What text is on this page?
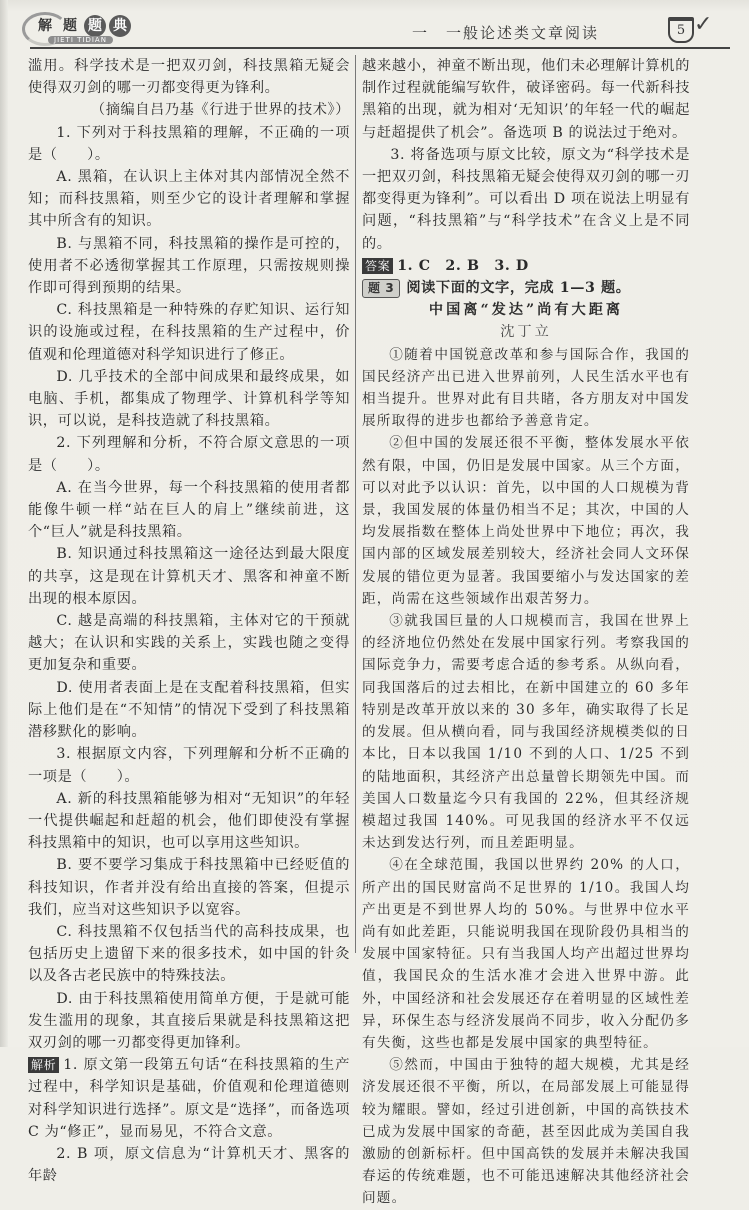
解 题 题 典
JIETI TIDIAN	一　一般论述类文章阅读	5 ✓

滥用。科学技术是一把双刃剑，科技黑箱无疑会使得双刃剑的哪一刃都变得更为锋利。

（摘编自吕乃基《行进于世界的技术》）

1. 下列对于科技黑箱的理解，不正确的一项是（　　）。

A. 黑箱，在认识上主体对其内部情况全然不知；而科技黑箱，则至少它的设计者理解和掌握其中所含有的知识。

B. 与黑箱不同，科技黑箱的操作是可控的，使用者不必透彻掌握其工作原理，只需按规则操作即可得到预期的结果。

C. 科技黑箱是一种特殊的存贮知识、运行知识的设施或过程，在科技黑箱的生产过程中，价值观和伦理道德对科学知识进行了修正。

D. 几乎技术的全部中间成果和最终成果，如电脑、手机，都集成了物理学、计算机科学等知识，可以说，是科技造就了科技黑箱。

2. 下列理解和分析，不符合原文意思的一项是（　　）。

A. 在当今世界，每一个科技黑箱的使用者都能像牛顿一样“站在巨人的肩上”继续前进，这个“巨人”就是科技黑箱。

B. 知识通过科技黑箱这一途径达到最大限度的共享，这是现在计算机天才、黑客和神童不断出现的根本原因。

C. 越是高端的科技黑箱，主体对它的干预就越大；在认识和实践的关系上，实践也随之变得更加复杂和重要。

D. 使用者表面上是在支配着科技黑箱，但实际上他们是在“不知情”的情况下受到了科技黑箱潜移默化的影响。

3. 根据原文内容，下列理解和分析不正确的一项是（　　）。

A. 新的科技黑箱能够为相对“无知识”的年轻一代提供崛起和赶超的机会，他们即使没有掌握科技黑箱中的知识，也可以享用这些知识。

B. 要不要学习集成于科技黑箱中已经贬值的科技知识，作者并没有给出直接的答案，但提示我们，应当对这些知识予以宽容。

C. 科技黑箱不仅包括当代的高科技成果，也包括历史上遗留下来的很多技术，如中国的针灸以及各古老民族中的特殊技法。

D. 由于科技黑箱使用简单方便，于是就可能发生滥用的现象，其直接后果就是科技黑箱这把双刃剑的哪一刃都变得更加锋利。

解析 1. 原文第一段第五句话“在科技黑箱的生产过程中，科学知识是基础，价值观和伦理道德则对科学知识进行选择”。原文是“选择”，而备选项 C 为“修正”，显而易见，不符合文意。

2. B 项，原文信息为“计算机天才、黑客的年龄

越来越小，神童不断出现，他们未必理解计算机的制作过程就能编写软件，破译密码。每一代新科技黑箱的出现，就为相对‘无知识’的年轻一代的崛起与赶超提供了机会”。备选项 B 的说法过于绝对。

3. 将备选项与原文比较，原文为“科学技术是一把双刃剑，科技黑箱无疑会使得双刃剑的哪一刃都变得更为锋利”。可以看出 D 项在说法上明显有问题，“科技黑箱”与“科学技术”在含义上是不同的。

答案 1. C　2. B　3. D

题 3 阅读下面的文字，完成 1—3 题。

中国离“发达”尚有大距离

沈丁立

①随着中国锐意改革和参与国际合作，我国的国民经济产出已进入世界前列，人民生活水平也有相当提升。世界对此有目共睹，各方朋友对中国发展所取得的进步也都给予善意肯定。

②但中国的发展还很不平衡，整体发展水平依然有限，中国，仍旧是发展中国家。从三个方面，可以对此予以认识：首先，以中国的人口规模为背景，我国发展的体量仍相当不足；其次，中国的人均发展指数在整体上尚处世界中下地位；再次，我国内部的区域发展差别较大，经济社会同人文环保发展的错位更为显著。我国要缩小与发达国家的差距，尚需在这些领域作出艰苦努力。

③就我国巨量的人口规模而言，我国在世界上的经济地位仍然处在发展中国家行列。考察我国的国际竞争力，需要考虑合适的参考系。从纵向看，同我国落后的过去相比，在新中国建立的 60 多年特别是改革开放以来的 30 多年，确实取得了长足的发展。但从横向看，同与我国经济规模类似的日本比，日本以我国 1/10 不到的人口、1/25 不到的陆地面积，其经济产出总量曾长期领先中国。而美国人口数量迄今只有我国的 22%，但其经济规模超过我国 140%。可见我国的经济水平不仅远未达到发达行列，而且差距明显。

④在全球范围，我国以世界约 20% 的人口，所产出的国民财富尚不足世界的 1/10。我国人均产出更是不到世界人均的 50%。与世界中位水平尚有如此差距，只能说明我国在现阶段仍具相当的发展中国家特征。只有当我国人均产出超过世界均值，我国民众的生活水准才会进入世界中游。此外，中国经济和社会发展还存在着明显的区域性差异，环保生态与经济发展尚不同步，收入分配仍多有失衡，这些也都是发展中国家的典型特征。

⑤然而，中国由于独特的超大规模，尤其是经济发展还很不平衡，所以，在局部发展上可能显得较为耀眼。譬如，经过引进创新，中国的高铁技术已成为发展中国家的奇葩，甚至因此成为美国自我激励的创新标杆。但中国高铁的发展并未解决我国春运的传统难题，也不可能迅速解决其他经济社会问题。
